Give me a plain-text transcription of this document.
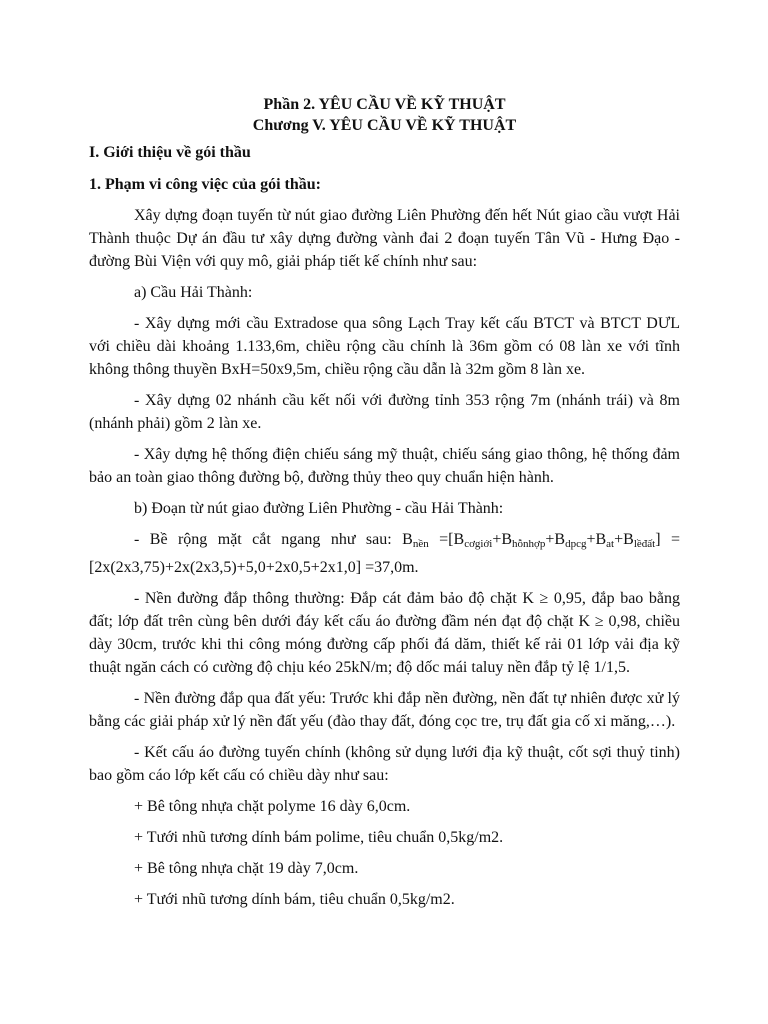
Phần 2. YÊU CẦU VỀ KỸ THUẬT
Chương V. YÊU CẦU VỀ KỸ THUẬT
I. Giới thiệu về gói thầu
1. Phạm vi công việc của gói thầu:

Xây dựng đoạn tuyến từ nút giao đường Liên Phường đến hết Nút giao cầu vượt Hải Thành thuộc Dự án đầu tư xây dựng đường vành đai 2 đoạn tuyến Tân Vũ - Hưng Đạo - đường Bùi Viện với quy mô, giải pháp tiết kế chính như sau:

a) Cầu Hải Thành:

- Xây dựng mới cầu Extradose qua sông Lạch Tray kết cấu BTCT và BTCT DƯL với chiều dài khoảng 1.133,6m, chiều rộng cầu chính là 36m gồm có 08 làn xe với tĩnh không thông thuyền BxH=50x9,5m, chiều rộng cầu dẫn là 32m gồm 8 làn xe.

- Xây dựng 02 nhánh cầu kết nối với đường tỉnh 353 rộng 7m (nhánh trái) và 8m (nhánh phải) gồm 2 làn xe.

- Xây dựng hệ thống điện chiếu sáng mỹ thuật, chiếu sáng giao thông, hệ thống đảm bảo an toàn giao thông đường bộ, đường thủy theo quy chuẩn hiện hành.

b) Đoạn từ nút giao đường Liên Phường - cầu Hải Thành:

- Bề rộng mặt cắt ngang như sau: $B_{nền} =[B_{cơgiới}+B_{hỗnhợp}+B_{dpcg}+B_{at}+B_{lềđất}] = [2x(2x3,75)+2x(2x3,5)+5,0+2x0,5+2x1,0] =37,0m$.

- Nền đường đắp thông thường: Đắp cát đảm bảo độ chặt K ≥ 0,95, đắp bao bằng đất; lớp đất trên cùng bên dưới đáy kết cấu áo đường đầm nén đạt độ chặt K ≥ 0,98, chiều dày 30cm, trước khi thi công móng đường cấp phối đá dăm, thiết kế rải 01 lớp vải địa kỹ thuật ngăn cách có cường độ chịu kéo 25kN/m; độ dốc mái taluy nền đắp tỷ lệ 1/1,5.

- Nền đường đắp qua đất yếu: Trước khi đắp nền đường, nền đất tự nhiên được xử lý bằng các giải pháp xử lý nền đất yếu (đào thay đất, đóng cọc tre, trụ đất gia cố xi măng,…).

- Kết cấu áo đường tuyến chính (không sử dụng lưới địa kỹ thuật, cốt sợi thuỷ tinh) bao gồm cáo lớp kết cấu có chiều dày như sau:

+ Bê tông nhựa chặt polyme 16 dày 6,0cm.

+ Tưới nhũ tương dính bám polime, tiêu chuẩn 0,5kg/m2.

+ Bê tông nhựa chặt 19 dày 7,0cm.

+ Tưới nhũ tương dính bám, tiêu chuẩn 0,5kg/m2.
